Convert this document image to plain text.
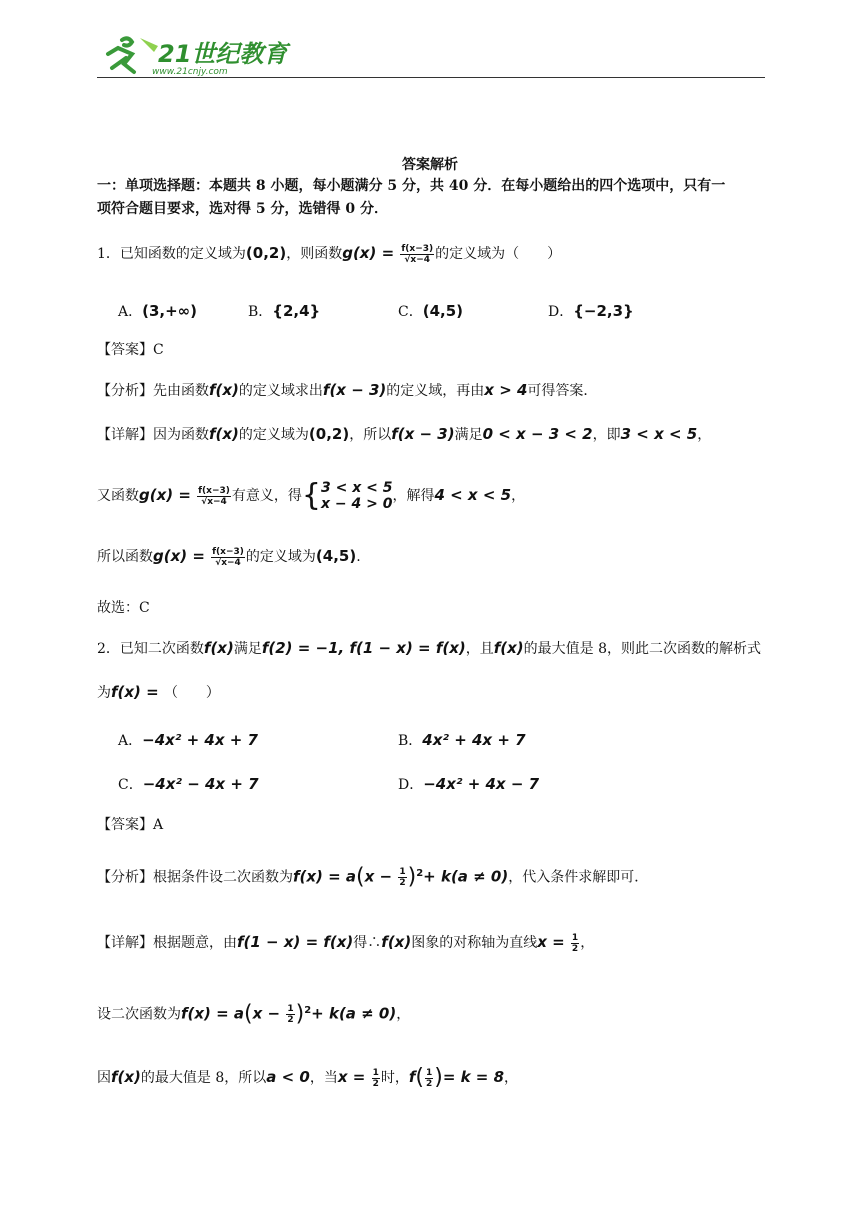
21世纪教育
www.21cnjy.com
答案解析
一：单项选择题：本题共 8 小题，每小题满分 5 分，共 40 分．在每小题给出的四个选项中，只有一
项符合题目要求，选对得 5 分，选错得 0 分．
1．已知函数的定义域为(0,2)，则函数$g(x) = \frac{f(x-3)}{√x-4}$ 的定义域为（　　）
A．(3,+∞)	B．{2,4}	C．(4,5)	D．{−2,3}
【答案】C
【分析】先由函数f(x)的定义域求出f(x − 3)的定义域，再由x > 4可得答案．
【详解】因为函数f(x)的定义域为(0,2)，所以f(x − 3)满足0 < x − 3 < 2，即3 < x < 5，
又函数$g(x) = \frac{f(x-3)}{√x-4}$ 有意义，得{ 3 < x < 5
x − 4 > 0 ，解得4 < x < 5，
所以函数$g(x) = \frac{f(x-3)}{√x-4}$ 的定义域为(4,5).
故选：C
2．已知二次函数f(x)满足f(2) = −1, f(1 − x) = f(x)，且f(x)的最大值是 8，则此二次函数的解析式
为f(x) = （　　）
A．−4x² + 4x + 7	B．4x² + 4x + 7
C．−4x² − 4x + 7	D．−4x² + 4x − 7
【答案】A
【分析】根据条件设二次函数为$f(x) = a(x - \frac{1}{2} )^2+ k(a \ne 0)$，代入条件求解即可．
【详解】根据题意，由f(1 − x) = f(x)得∴f(x)图象的对称轴为直线$x = \frac{1}{2}$ ，
设二次函数为$f(x) = a(x - \frac{1}{2} )^2+ k(a \ne 0)$，
因f(x)的最大值是 8，所以a < 0，当$x = \frac{1}{2}$ 时，$f( \frac{1}{2}$ )= k = 8，
